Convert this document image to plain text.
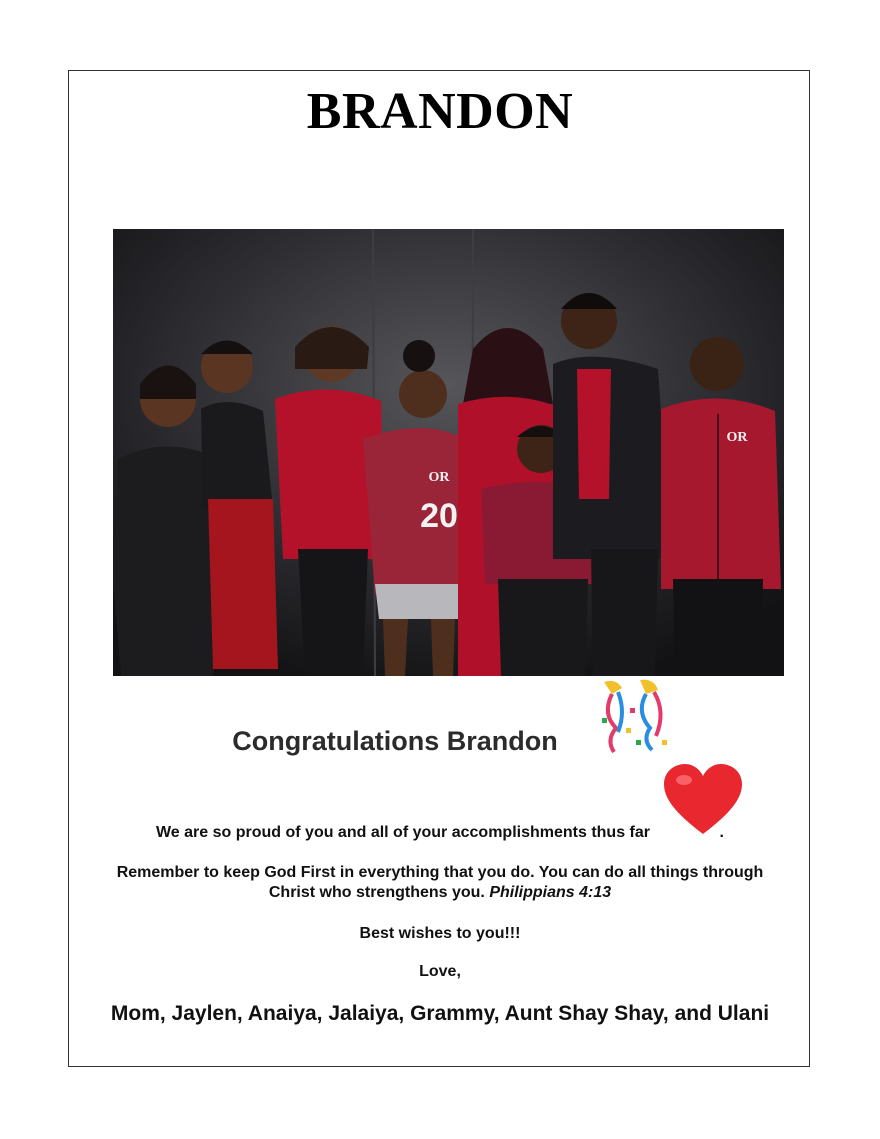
BRANDON
20
OR
OR
Congratulations Brandon
We are so proud of you and all of your accomplishments thus far	.
Remember to keep God First in everything that you do. You can do all things through
Christ who strengthens you. Philippians 4:13
Best wishes to you!!!
Love,
Mom, Jaylen, Anaiya, Jalaiya, Grammy, Aunt Shay Shay, and Ulani
